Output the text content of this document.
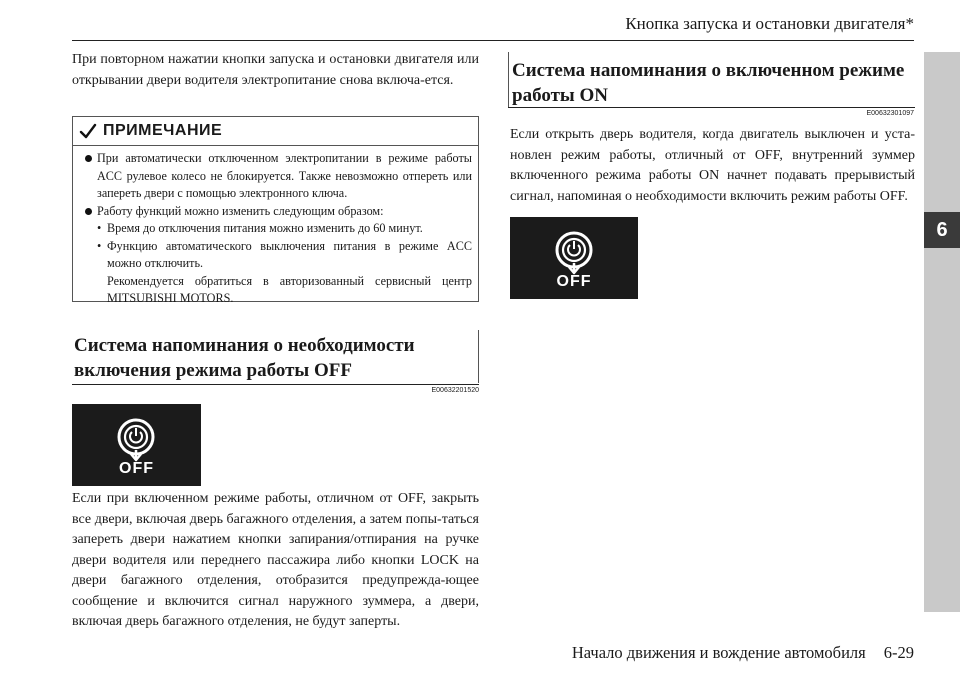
Кнопка запуска и остановки двигателя*
6
При повторном нажатии кнопки запуска и остановки двигателя или открывании двери водителя электропитание снова включа-ется.
ПРИМЕЧАНИЕ
При автоматически отключенном электропитании в режиме работы ACC рулевое колесо не блокируется. Также невозможно отпереть или запереть двери с помощью электронного ключа.
Работу функций можно изменить следующим образом:
• Время до отключения питания можно изменить до 60 минут.
• Функцию автоматического выключения питания в режиме ACC можно отключить.
Рекомендуется обратиться в авторизованный сервисный центр MITSUBISHI MOTORS.
Система напоминания о необходимости
включения режима работы OFF
E00632201520
OFF
Если при включенном режиме работы, отличном от OFF, закрыть все двери, включая дверь багажного отделения, а затем попы-таться запереть двери нажатием кнопки запирания/отпирания на ручке двери водителя или переднего пассажира либо кнопки LOCK на двери багажного отделения, отобразится предупрежда-ющее сообщение и включится сигнал наружного зуммера, а двери, включая дверь багажного отделения, не будут заперты.
Система напоминания о включенном режиме
работы ON
E00632301097
Если открыть дверь водителя, когда двигатель выключен и уста-новлен режим работы, отличный от OFF, внутренний зуммер включенного режима работы ON начнет подавать прерывистый сигнал, напоминая о необходимости включить режим работы OFF.
OFF
Начало движения и вождение автомобиля 6-29
